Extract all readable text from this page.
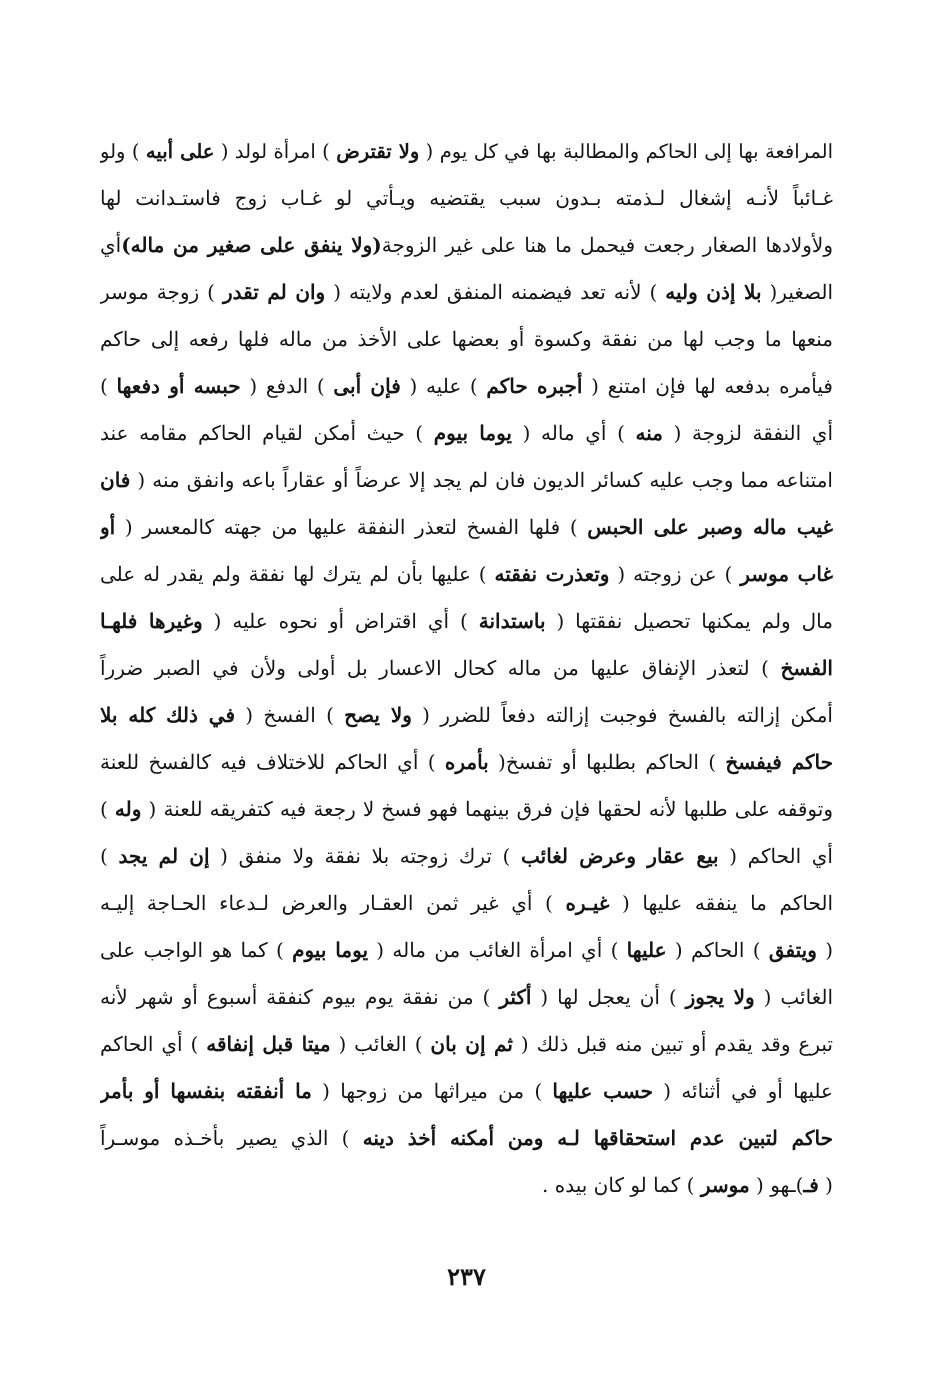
المرافعة بها إلى الحاكم والمطالبة بها في كل يوم ( ولا تقترض ) امرأة لولد ( على أبيه ) ولو
غـائباً لأنـه إشغال لـذمته بـدون سبب يقتضيه ويـأتي لو غـاب زوج فاستـدانت لها
ولأولادها الصغار رجعت فيحمل ما هنا على غير الزوجة(ولا ينفق على صغير من ماله)أي
الصغير( بلا إذن وليه ) لأنه تعد فيضمنه المنفق لعدم ولايته ( وان لم تقدر ) زوجة موسر
منعها ما وجب لها من نفقة وكسوة أو بعضها على الأخذ من ماله فلها رفعه إلى حاكم
فيأمره بدفعه لها فإن امتنع ( أجبره حاكم ) عليه ( فإن أبى ) الدفع ( حبسه أو دفعها )
أي النفقة لزوجة ( منه ) أي ماله ( يوما بيوم ) حيث أمكن لقيام الحاكم مقامه عند
امتناعه مما وجب عليه كسائر الديون فان لم يجد إلا عرضاً أو عقاراً باعه وانفق منه ( فان
غيب ماله وصبر على الحبس ) فلها الفسخ لتعذر النفقة عليها من جهته كالمعسر ( أو
غاب موسر ) عن زوجته ( وتعذرت نفقته ) عليها بأن لم يترك لها نفقة ولم يقدر له على
مال ولم يمكنها تحصيل نفقتها ( باستدانة ) أي اقتراض أو نحوه عليه ( وغيرها فلهـا
الفسخ ) لتعذر الإنفاق عليها من ماله كحال الاعسار بل أولى ولأن في الصبر ضرراً
أمكن إزالته بالفسخ فوجبت إزالته دفعاً للضرر ( ولا يصح ) الفسخ ( في ذلك كله بلا
حاكم فيفسخ ) الحاكم بطلبها أو تفسخ( بأمره ) أي الحاكم للاختلاف فيه كالفسخ للعنة
وتوقفه على طلبها لأنه لحقها فإن فرق بينهما فهو فسخ لا رجعة فيه كتفريقه للعنة ( وله )
أي الحاكم ( بيع عقار وعرض لغائب ) ترك زوجته بلا نفقة ولا منفق ( إن لم يجد )
الحاكم ما ينفقه عليها ( غيـره ) أي غير ثمن العقـار والعرض لـدعاء الحـاجة إليـه
( ويتفق ) الحاكم ( عليها ) أي امرأة الغائب من ماله ( يوما بيوم ) كما هو الواجب على
الغائب ( ولا يجوز ) أن يعجل لها ( أكثر ) من نفقة يوم بيوم كنفقة أسبوع أو شهر لأنه
تبرع وقد يقدم أو تبين منه قبل ذلك ( ثم إن بان ) الغائب ( ميتا قبل إنفاقه ) أي الحاكم
عليها أو في أثنائه ( حسب عليها ) من ميراثها من زوجها ( ما أنفقته بنفسها أو بأمر
حاكم لتبين عدم استحقاقها لـه ومن أمكنه أخذ دينه ) الذي يصير بأخـذه موسـراً
( فـ)ـهو ( موسر ) كما لو كان بيده .
٢٣٧
